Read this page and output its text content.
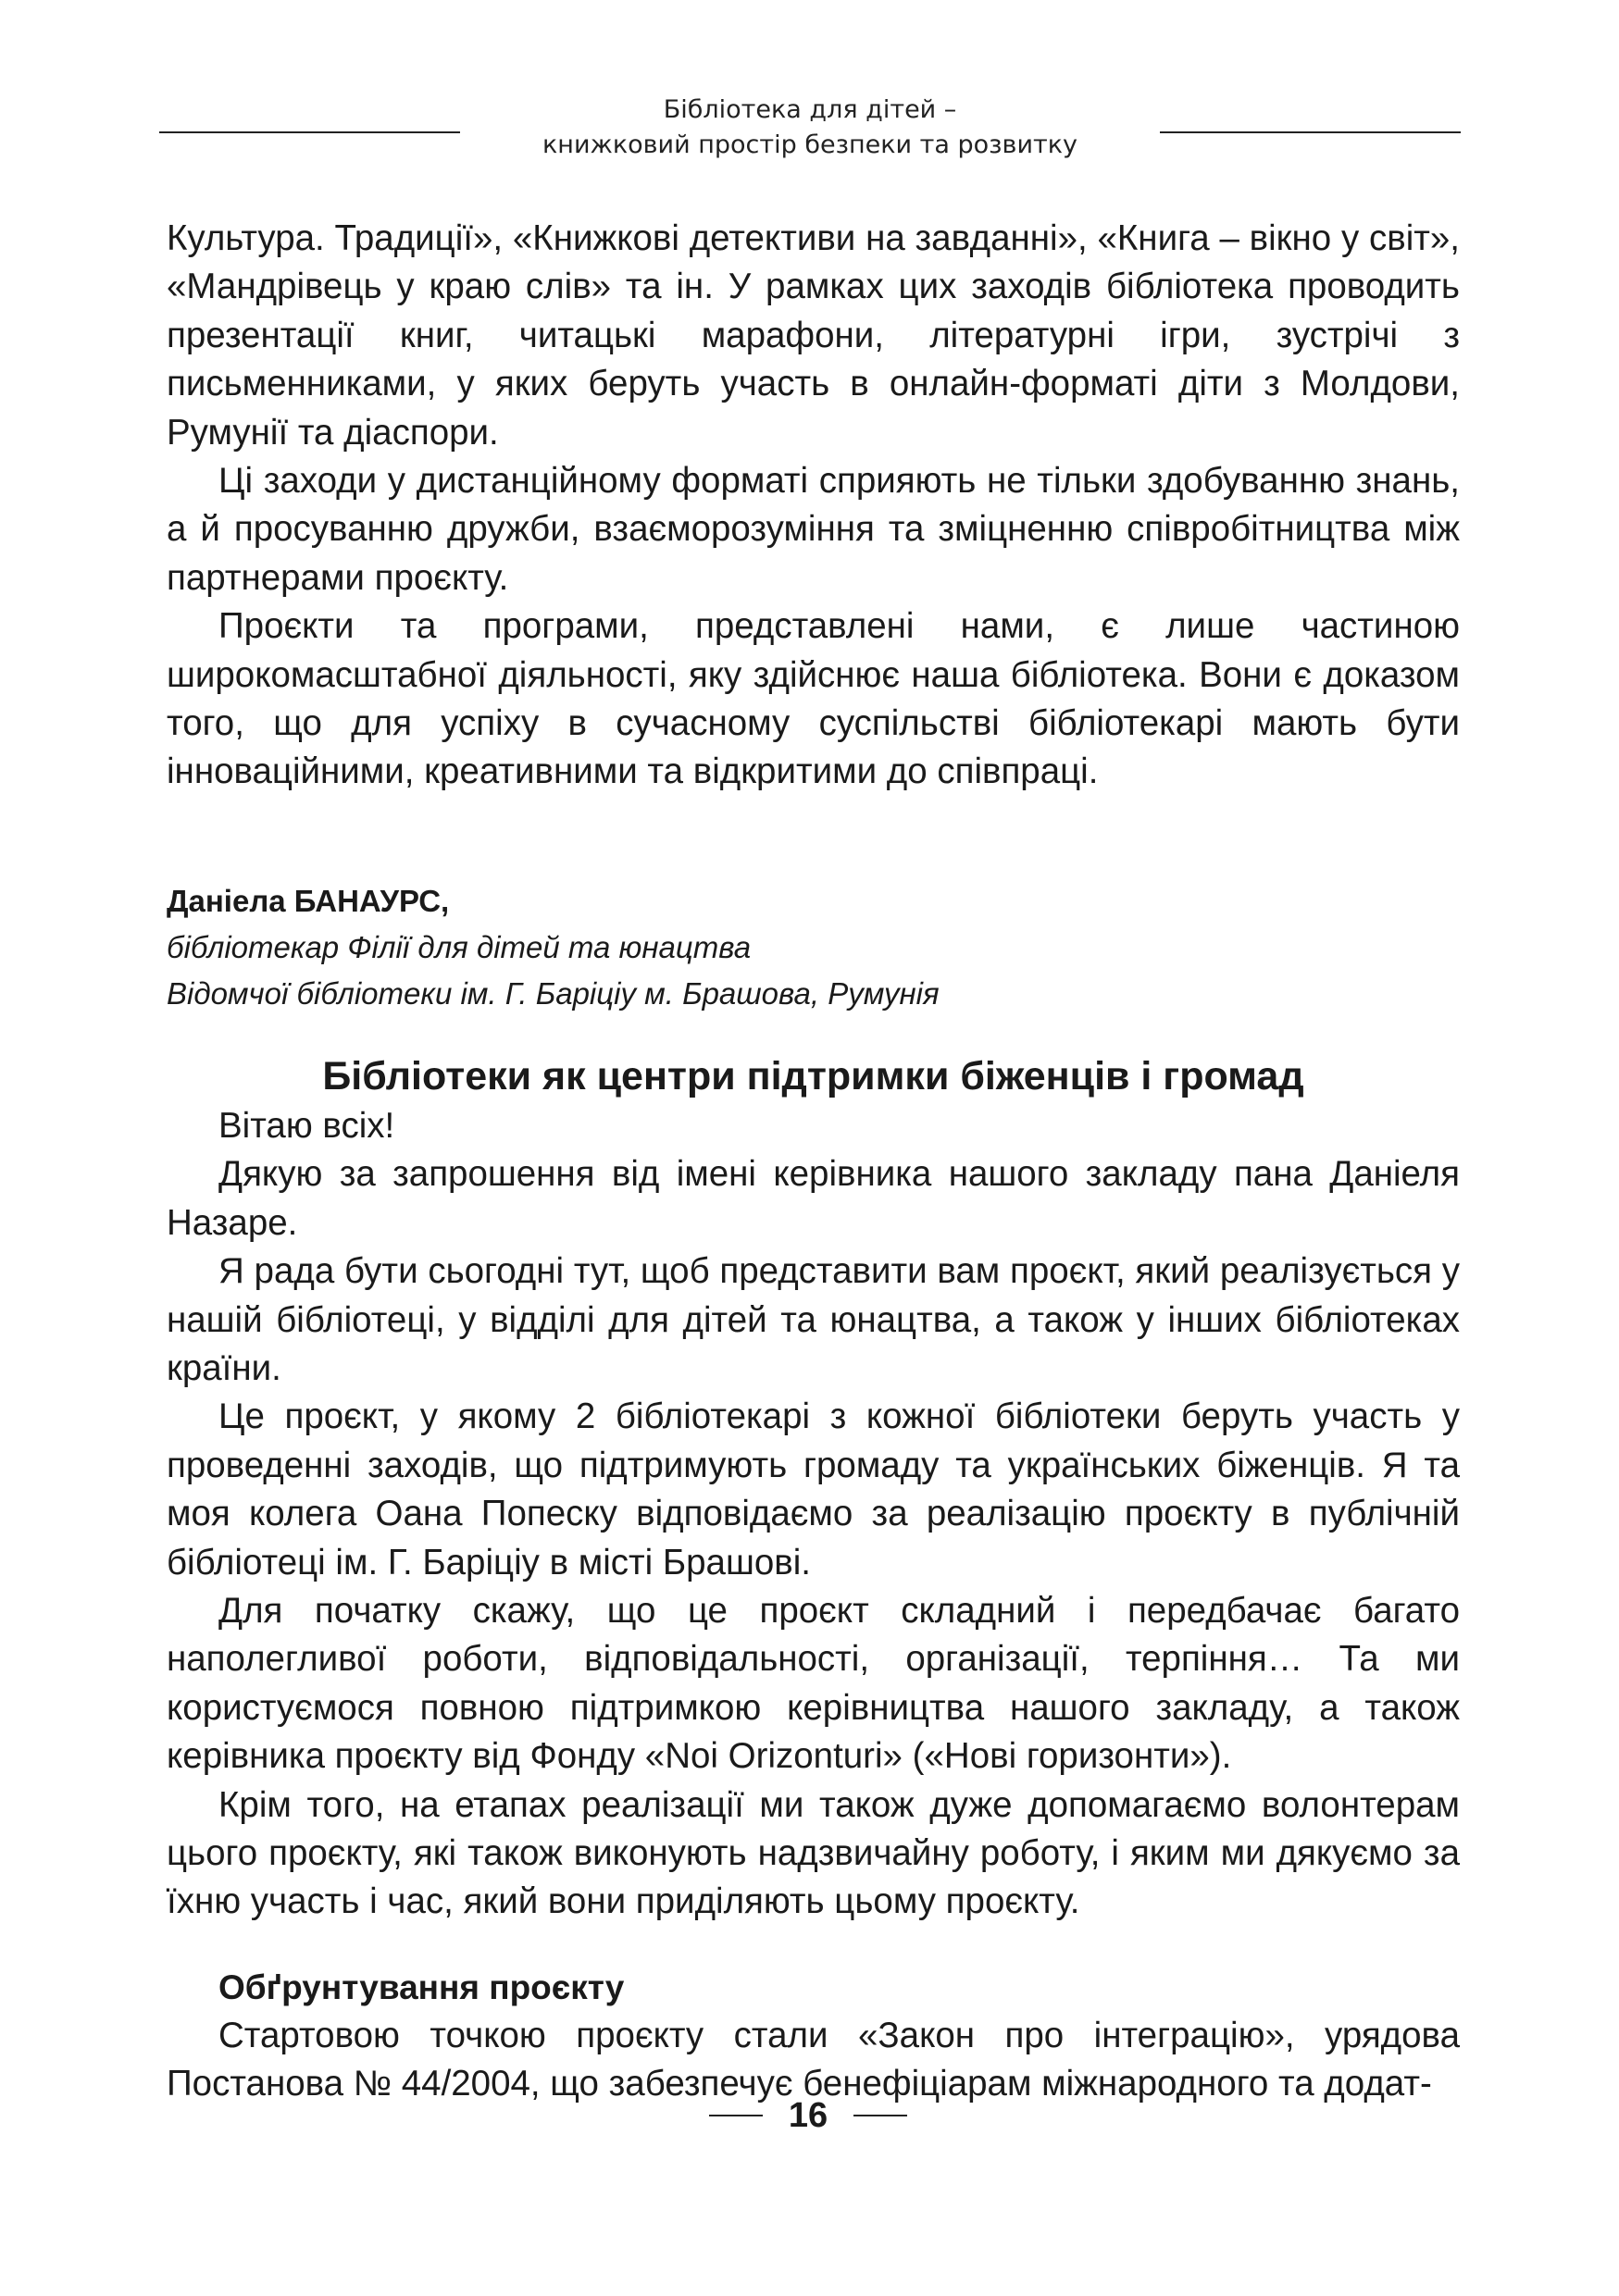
Бібліотека для дітей –
книжковий простір безпеки та розвитку

Культура. Традиції», «Книжкові детективи на завданні», «Книга – вікно у світ», «Мандрівець у краю слів» та ін. У рамках цих заходів бібліотека проводить презентації книг, читацькі марафони, літературні ігри, зустрічі з письменниками, у яких беруть участь в онлайн-форматі діти з Молдови, Румунії та діаспори.

Ці заходи у дистанційному форматі сприяють не тільки здобуванню знань, а й просуванню дружби, взаєморозуміння та зміцненню співробітництва між партнерами проєкту.

Проєкти та програми, представлені нами, є лише частиною широкомасштабної діяльності, яку здійснює наша бібліотека. Вони є доказом того, що для успіху в сучасному суспільстві бібліотекарі мають бути інноваційними, креативними та відкритими до співпраці.

Даніела БАНАУРС,
бібліотекар Філії для дітей та юнацтва
Відомчої бібліотеки ім. Г. Баріціу м. Брашова, Румунія
Бібліотеки як центри підтримки біженців і громад

Вітаю всіх!

Дякую за запрошення від імені керівника нашого закладу пана Даніеля Назаре.

Я рада бути сьогодні тут, щоб представити вам проєкт, який реалізується у нашій бібліотеці, у відділі для дітей та юнацтва, а також у інших бібліотеках країни.

Це проєкт, у якому 2 бібліотекарі з кожної бібліотеки беруть участь у проведенні заходів, що підтримують громаду та українських біженців. Я та моя колега Оана Попеску відповідаємо за реалізацію проєкту в публічній бібліотеці ім. Г. Баріціу в місті Брашові.

Для початку скажу, що це проєкт складний і передбачає багато наполегливої роботи, відповідальності, організації, терпіння… Та ми користуємося повною підтримкою керівництва нашого закладу, а також керівника проєкту від Фонду «Noi Orizonturi» («Нові горизонти»).

Крім того, на етапах реалізації ми також дуже допомагаємо волонтерам цього проєкту, які також виконують надзвичайну роботу, і яким ми дякуємо за їхню участь і час, який вони приділяють цьому проєкту.

Обґрунтування проєкту

Стартовою точкою проєкту стали «Закон про інтеграцію», урядова Постанова № 44/2004, що забезпечує бенефіціарам міжнародного та додат-

16
